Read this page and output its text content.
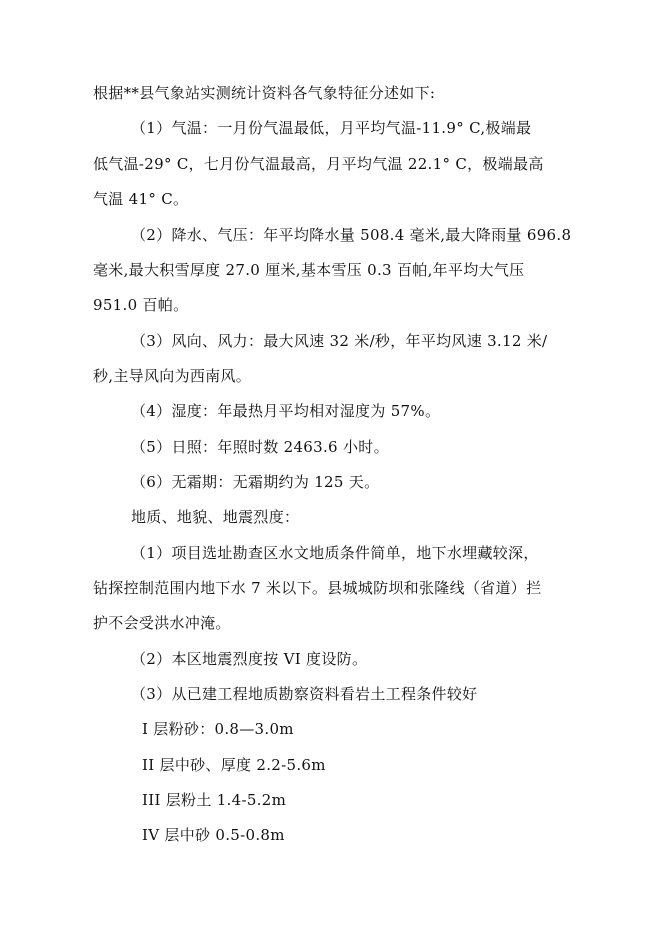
根据**县气象站实测统计资料各气象特征分述如下:
（1）气温：一月份气温最低，月平均气温-11.9° C,极端最
低气温-29° C，七月份气温最高，月平均气温 22.1° C，极端最高
气温 41° C。
（2）降水、气压：年平均降水量 508.4 毫米,最大降雨量 696.8
毫米,最大积雪厚度 27.0 厘米,基本雪压 0.3 百帕,年平均大气压
951.0 百帕。
（3）风向、风力：最大风速 32 米/秒，年平均风速 3.12 米/
秒,主导风向为西南风。
（4）湿度：年最热月平均相对湿度为 57%。
（5）日照：年照时数 2463.6 小时。
（6）无霜期：无霜期约为 125 天。
地质、地貌、地震烈度：
（1）项目选址勘查区水文地质条件简单，地下水埋藏较深，
钻探控制范围内地下水 7 米以下。县城城防坝和张隆线（省道）拦
护不会受洪水冲淹。
（2）本区地震烈度按 VI 度设防。
（3）从已建工程地质勘察资料看岩土工程条件较好
I 层粉砂：0.8—3.0m
II 层中砂、厚度 2.2-5.6m
III 层粉土 1.4-5.2m
IV 层中砂 0.5-0.8m
